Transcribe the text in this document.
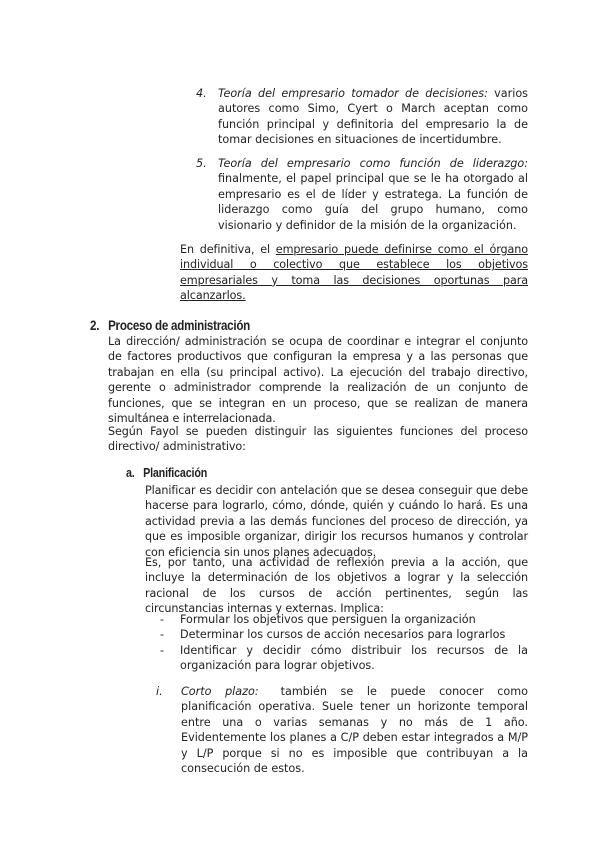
4. Teoría del empresario tomador de decisiones: varios autores como Simo, Cyert o March aceptan como función principal y definitoria del empresario la de tomar decisiones en situaciones de incertidumbre.
5. Teoría del empresario como función de liderazgo: finalmente, el papel principal que se le ha otorgado al empresario es el de líder y estratega. La función de liderazgo como guía del grupo humano, como visionario y definidor de la misión de la organización.

En definitiva, el empresario puede definirse como el órgano individual o colectivo que establece los objetivos empresariales y toma las decisiones oportunas para alcanzarlos.

2.   Proceso de administración

La dirección/ administración se ocupa de coordinar e integrar el conjunto de factores productivos que configuran la empresa y a las personas que trabajan en ella (su principal activo). La ejecución del trabajo directivo, gerente o administrador comprende la realización de un conjunto de funciones, que se integran en un proceso, que se realizan de manera simultánea e interrelacionada.

Según Fayol se pueden distinguir las siguientes funciones del proceso directivo/ administrativo:

a.   Planificación

Planificar es decidir con antelación que se desea conseguir que debe hacerse para lograrlo, cómo, dónde, quién y cuándo lo hará. Es una actividad previa a las demás funciones del proceso de dirección, ya que es imposible organizar, dirigir los recursos humanos y controlar con eficiencia sin unos planes adecuados.

Es, por tanto, una actividad de reflexión previa a la acción, que incluye la determinación de los objetivos a lograr y la selección racional de los cursos de acción pertinentes, según las circunstancias internas y externas. Implica:

- Formular los objetivos que persiguen la organización
- Determinar los cursos de acción necesarios para lograrlos
- Identificar y decidir cómo distribuir los recursos de la organización para lograr objetivos.
i. Corto plazo: también se le puede conocer como planificación operativa. Suele tener un horizonte temporal entre una o varias semanas y no más de 1 año. Evidentemente los planes a C/P deben estar integrados a M/P y L/P porque si no es imposible que contribuyan a la consecución de estos.
